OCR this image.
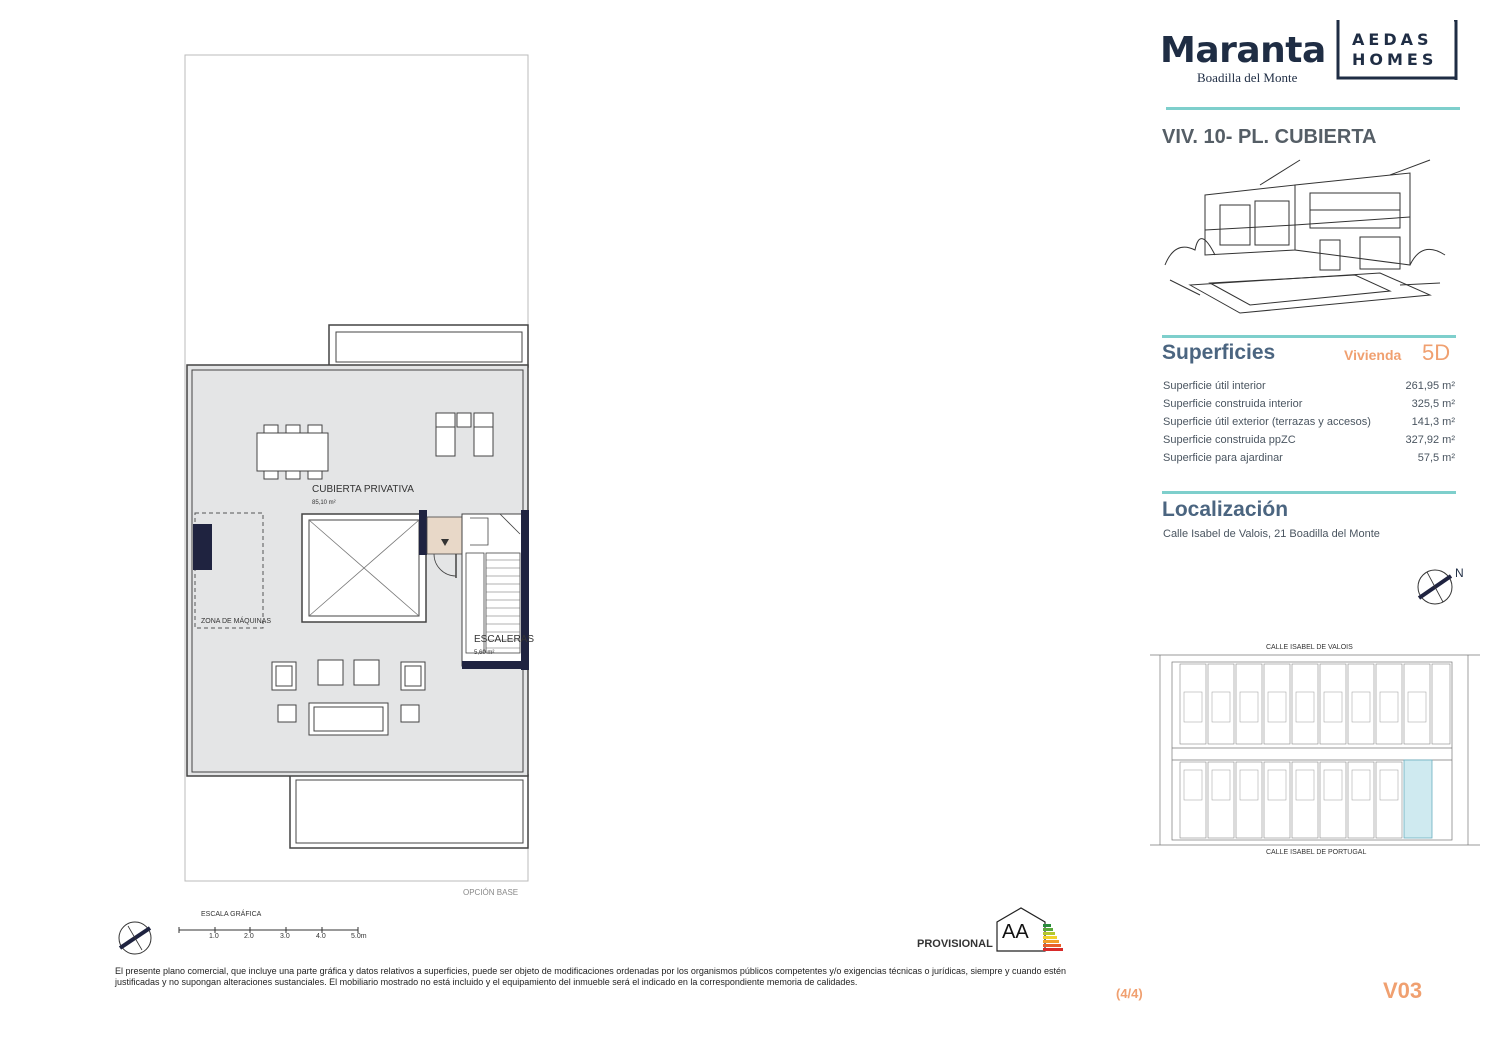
CUBIERTA PRIVATIVA
85,10 m²
ZONA DE MÁQUINAS
ESCALERAS
5,60 m²
OPCIÓN BASE
ESCALA GRÁFICA
1.0	2.0	3.0	4.0	5.0m
PROVISIONAL
AA
El presente plano comercial, que incluye una parte gráfica y datos relativos a superficies, puede ser objeto de modificaciones ordenadas por los organismos públicos competentes y/o exigencias técnicas o jurídicas, siempre y cuando estén justificadas y no supongan alteraciones sustanciales. El mobiliario mostrado no está incluido y el equipamiento del inmueble será el indicado en la correspondiente memoria de calidades.
Maranta
Boadilla del Monte
AEDAS
HOMES
VIV. 10- PL. CUBIERTA
Superficies	Vivienda 5D
Superficie útil interior	261,95 m²
Superficie construida interior	325,5 m²
Superficie útil exterior (terrazas y accesos)	141,3 m²
Superficie construida ppZC	327,92 m²
Superficie para ajardinar	57,5 m²
Localización
Calle Isabel de Valois, 21 Boadilla del Monte
N
CALLE ISABEL DE VALOIS
CALLE ISABEL DE PORTUGAL
(4/4)	V03
